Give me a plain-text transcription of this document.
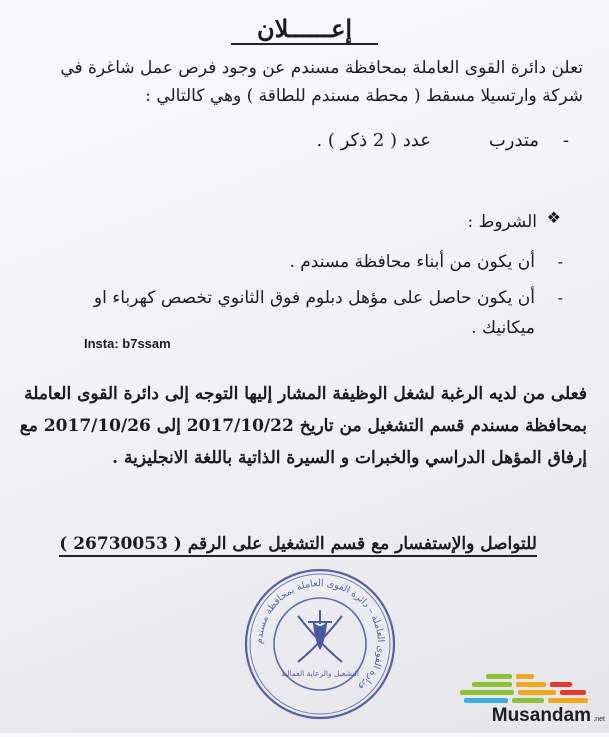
إعــــــلان
تعلن دائرة القوى العاملة بمحافظة مسندم عن وجود فرص عمل شاغرة في
شركة وارتسيلا مسقط ( محطة مسندم للطاقة ) وهي كالتالي :
-
متدرب
عدد ( 2 ذكر ) .
❖
الشروط :
-
أن يكون من أبناء محافظة مسندم .
-
أن يكون حاصل على مؤهل دبلوم فوق الثانوي تخصص كهرباء او
ميكانيك .
Insta: b7ssam
فعلى من لديه الرغبة لشغل الوظيفة المشار إليها التوجه إلى دائرة القوى العاملة
بمحافظة مسندم قسم التشغيل من تاريخ 2017/10/22 إلى 2017/10/26 مع
إرفاق المؤهل الدراسي والخبرات و السيرة الذاتية باللغة الانجليزية .
للتواصل والإستفسار مع قسم التشغيل على الرقم ( 26730053 )
وزارة القوى العاملة – دائرة القوى العاملة بمحافظة مسندم
التشغيل والرعاية العمالية
Musandam .net
